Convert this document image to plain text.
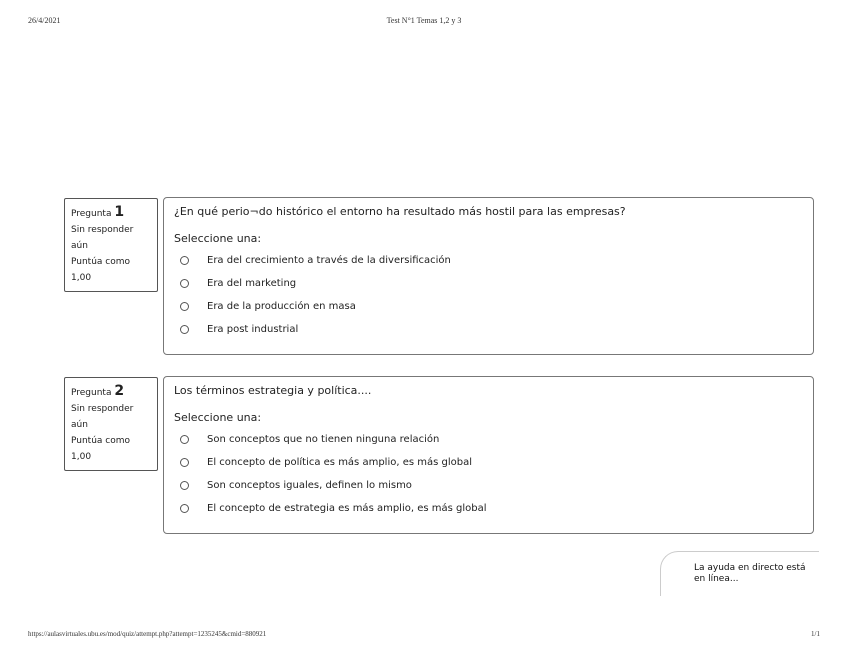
26/4/2021	Test N°1 Temas 1,2 y 3
Pregunta 1
Sin responder aún
Puntúa como 1,00
¿En qué perio¬do histórico el entorno ha resultado más hostil para las empresas?
Seleccione una:
Era del crecimiento a través de la diversificación
Era del marketing
Era de la producción en masa
Era post industrial
Pregunta 2
Sin responder aún
Puntúa como 1,00
Los términos estrategia y política....
Seleccione una:
Son conceptos que no tienen ninguna relación
El concepto de política es más amplio, es más global
Son conceptos iguales, definen lo mismo
El concepto de estrategia es más amplio, es más global
La ayuda en directo está en línea...
https://aulasvirtuales.ubu.es/mod/quiz/attempt.php?attempt=1235245&cmid=880921	1/1
